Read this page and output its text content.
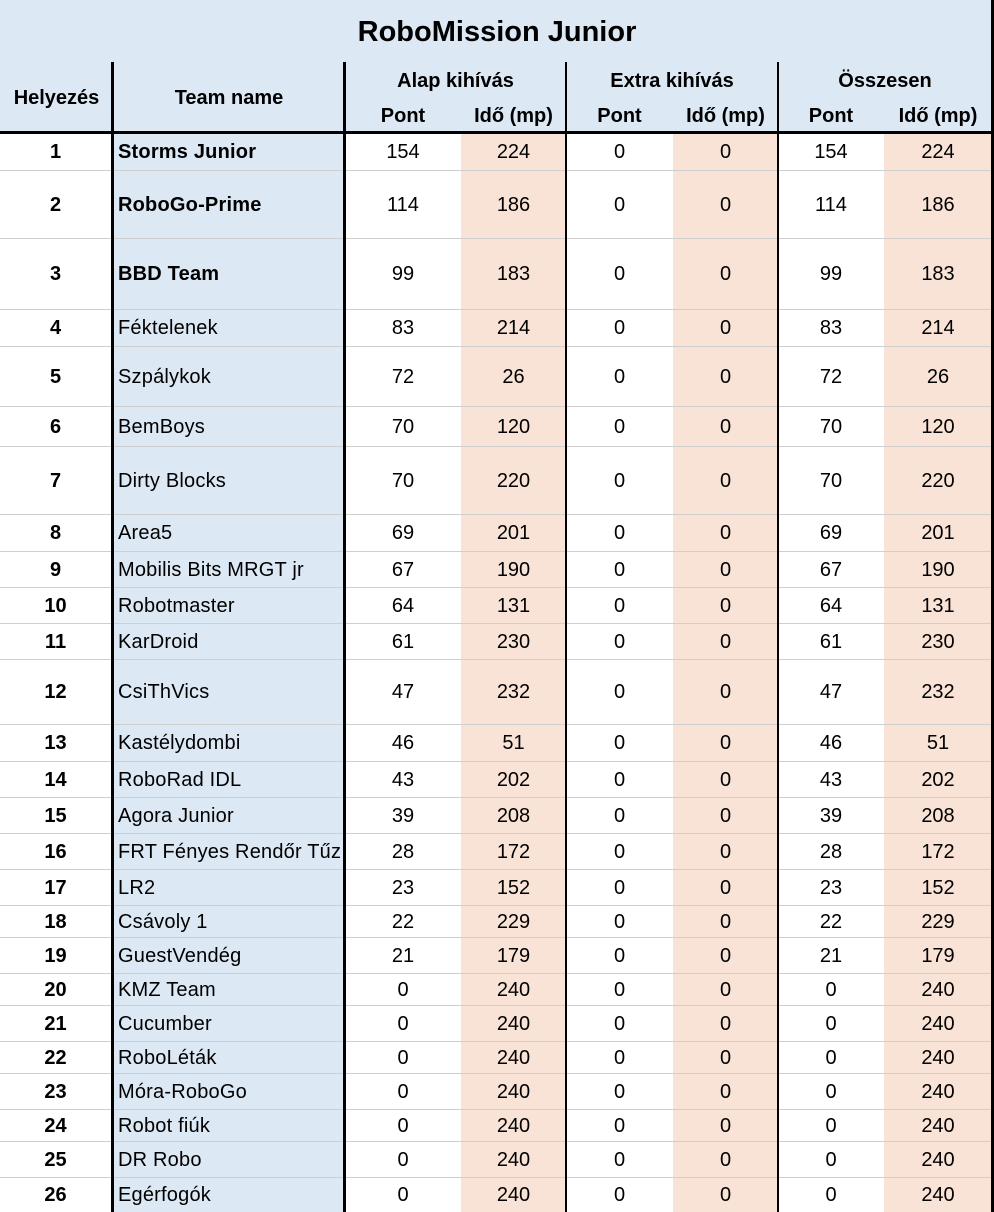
RoboMission Junior
Helyezés	Team name
Alap kihívás	Extra kihívás	Összesen
Pont	Idő (mp)	Pont	Idő (mp)	Pont	Idő (mp)
1	Storms Junior	154	224	0	0	154	224
2	RoboGo-Prime	114	186	0	0	114	186
3	BBD Team	99	183	0	0	99	183
4	Féktelenek	83	214	0	0	83	214
5	Szpálykok	72	26	0	0	72	26
6	BemBoys	70	120	0	0	70	120
7	Dirty Blocks	70	220	0	0	70	220
8	Area5	69	201	0	0	69	201
9	Mobilis Bits MRGT jr	67	190	0	0	67	190
10	Robotmaster	64	131	0	0	64	131
11	KarDroid	61	230	0	0	61	230
12	CsiThVics	47	232	0	0	47	232
13	Kastélydombi	46	51	0	0	46	51
14	RoboRad IDL	43	202	0	0	43	202
15	Agora Junior	39	208	0	0	39	208
16	FRT Fényes Rendőr Tűz	28	172	0	0	28	172
17	LR2	23	152	0	0	23	152
18	Csávoly 1	22	229	0	0	22	229
19	GuestVendég	21	179	0	0	21	179
20	KMZ Team	0	240	0	0	0	240
21	Cucumber	0	240	0	0	0	240
22	RoboLéták	0	240	0	0	0	240
23	Móra-RoboGo	0	240	0	0	0	240
24	Robot fiúk	0	240	0	0	0	240
25	DR Robo	0	240	0	0	0	240
26	Egérfogók	0	240	0	0	0	240
